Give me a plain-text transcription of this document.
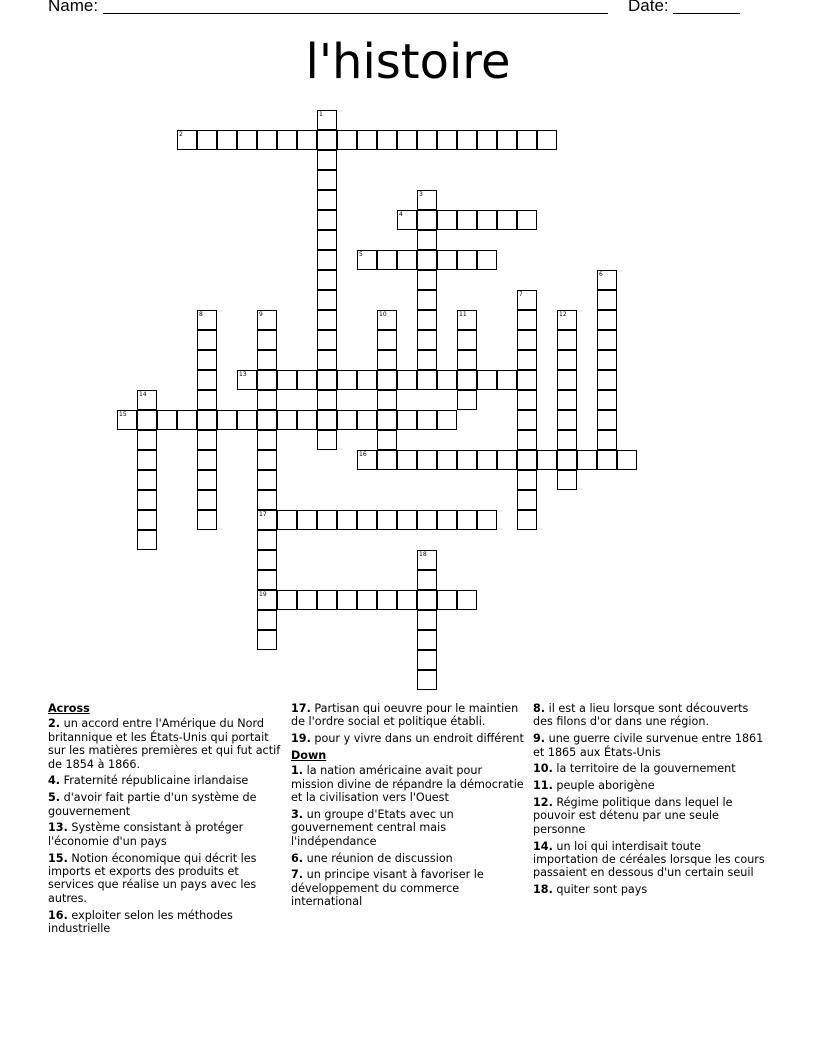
Name:	Date:
l'histoire
1
2
3
4
5
6
7
8	9
17
19
10	11	12
13
14
15
16
18
Across
2. un accord entre l'Amérique du Nord britannique et les États-Unis qui portait sur les matières premières et qui fut actif de 1854 à 1866.
4. Fraternité républicaine irlandaise
5. d'avoir fait partie d'un système de gouvernement
13. Système consistant à protéger l'économie d'un pays
15. Notion économique qui décrit les imports et exports des produits et services que réalise un pays avec les autres.
16. exploiter selon les méthodes industrielle
17. Partisan qui oeuvre pour le maintien de l'ordre social et politique établi.
19. pour y vivre dans un endroit différent
Down
1. la nation américaine avait pour mission divine de répandre la démocratie et la civilisation vers l'Ouest
3. un groupe d'Etats avec un gouvernement central mais l'indépendance
6. une réunion de discussion
7. un principe visant à favoriser le développement du commerce international
8. il est a lieu lorsque sont découverts des filons d'or dans une région.
9. une guerre civile survenue entre 1861 et 1865 aux États-Unis
10. la territoire de la gouvernement
11. peuple aborigène
12. Régime politique dans lequel le pouvoir est détenu par une seule personne
14. un loi qui interdisait toute importation de céréales lorsque les cours passaient en dessous d'un certain seuil
18. quiter sont pays
